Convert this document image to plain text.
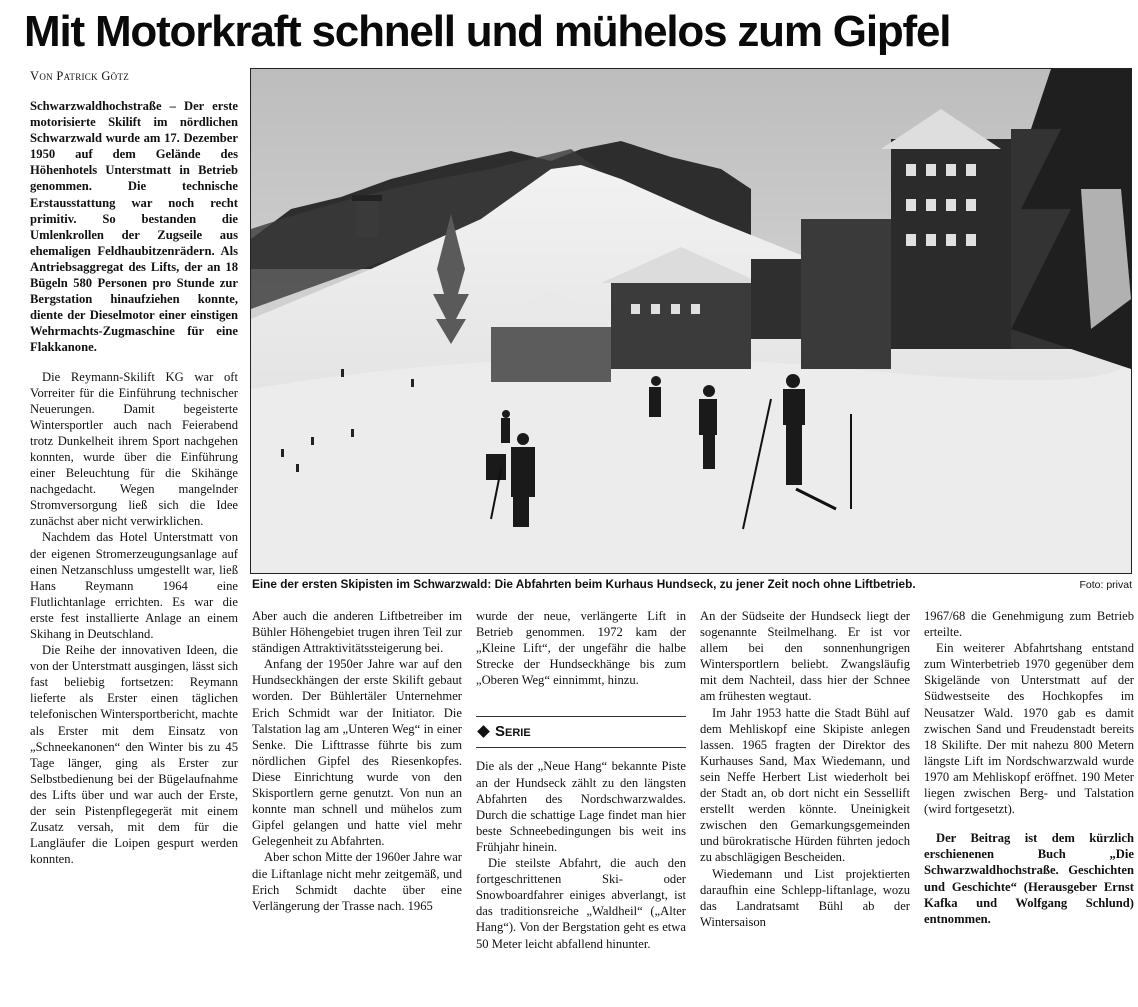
Mit Motorkraft schnell und mühelos zum Gipfel
Von Patrick Götz

Schwarzwaldhochstraße – Der erste motorisierte Skilift im nördlichen Schwarzwald wurde am 17. Dezember 1950 auf dem Gelände des Höhenhotels Unterstmatt in Betrieb genommen. Die technische Erstausstattung war noch recht primitiv. So bestanden die Umlenkrollen der Zugseile aus ehemaligen Feldhaubitzenrädern. Als Antriebsaggregat des Lifts, der an 18 Bügeln 580 Personen pro Stunde zur Bergstation hinaufziehen konnte, diente der Dieselmotor einer einstigen Wehrmachts-Zugmaschine für eine Flakkanone.

Die Reymann-Skilift KG war oft Vorreiter für die Einführung technischer Neuerungen. Damit begeisterte Wintersportler auch nach Feierabend trotz Dunkelheit ihrem Sport nachgehen konnten, wurde über die Einführung einer Beleuchtung für die Skihänge nachgedacht. Wegen mangelnder Stromversorgung ließ sich die Idee zunächst aber nicht verwirklichen.

Nachdem das Hotel Unterstmatt von der eigenen Stromerzeugungsanlage auf einen Netzanschluss umgestellt war, ließ Hans Reymann 1964 eine Flutlichtanlage errichten. Es war die erste fest installierte Anlage an einem Skihang in Deutschland.

Die Reihe der innovativen Ideen, die von der Unterstmatt ausgingen, lässt sich fast beliebig fortsetzen: Reymann lieferte als Erster einen täglichen telefonischen Wintersportbericht, machte als Erster mit dem Einsatz von „Schneekanonen“ den Winter bis zu 45 Tage länger, ging als Erster zur Selbstbedienung bei der Bügelaufnahme des Lifts über und war auch der Erste, der sein Pistenpflegegerät mit einem Zusatz versah, mit dem für die Langläufer die Loipen gespurt werden konnten.

Eine der ersten Skipisten im Schwarzwald: Die Abfahrten beim Kurhaus Hundseck, zu jener Zeit noch ohne Liftbetrieb.	Foto: privat

Aber auch die anderen Liftbetreiber im Bühler Höhengebiet trugen ihren Teil zur ständigen Attraktivitätssteigerung bei.

Anfang der 1950er Jahre war auf den Hundseckhängen der erste Skilift gebaut worden. Der Bühlertäler Unternehmer Erich Schmidt war der Initiator. Die Talstation lag am „Unteren Weg“ in einer Senke. Die Lifttrasse führte bis zum nördlichen Gipfel des Riesenkopfes. Diese Einrichtung wurde von den Skisportlern gerne genutzt. Von nun an konnte man schnell und mühelos zum Gipfel gelangen und hatte viel mehr Gelegenheit zu Abfahrten.

Aber schon Mitte der 1960er Jahre war die Liftanlage nicht mehr zeitgemäß, und Erich Schmidt dachte über eine Verlängerung der Trasse nach. 1965

wurde der neue, verlängerte Lift in Betrieb genommen. 1972 kam der „Kleine Lift“, der ungefähr die halbe Strecke der Hundseckhänge bis zum „Oberen Weg“ einnimmt, hinzu.

Die als der „Neue Hang“ bekannte Piste an der Hundseck zählt zu den längsten Abfahrten des Nordschwarzwaldes. Durch die schattige Lage findet man hier beste Schneebedingungen bis weit ins Frühjahr hinein.

Die steilste Abfahrt, die auch den fortgeschrittenen Ski- oder Snowboardfahrer einiges abverlangt, ist das traditionsreiche „Waldheil“ („Alter Hang“). Von der Bergstation geht es etwa 50 Meter leicht abfallend hinunter.

Serie

An der Südseite der Hundseck liegt der sogenannte Steilmelhang. Er ist vor allem bei den sonnenhungrigen Wintersportlern beliebt. Zwangsläufig mit dem Nachteil, dass hier der Schnee am frühesten wegtaut.

Im Jahr 1953 hatte die Stadt Bühl auf dem Mehliskopf eine Skipiste anlegen lassen. 1965 fragten der Direktor des Kurhauses Sand, Max Wiedemann, und sein Neffe Herbert List wiederholt bei der Stadt an, ob dort nicht ein Sessellift erstellt werden könnte. Uneinigkeit zwischen den Gemarkungsgemeinden und bürokratische Hürden führten jedoch zu abschlägigen Bescheiden.

Wiedemann und List projektierten daraufhin eine Schlepp-liftanlage, wozu das Landratsamt Bühl ab der Wintersaison

1967/68 die Genehmigung zum Betrieb erteilte.

Ein weiterer Abfahrtshang entstand zum Winterbetrieb 1970 gegenüber dem Skigelände von Unterstmatt auf der Südwestseite des Hochkopfes im Neusatzer Wald. 1970 gab es damit zwischen Sand und Freudenstadt bereits 18 Skilifte. Der mit nahezu 800 Metern längste Lift im Nordschwarzwald wurde 1970 am Mehliskopf eröffnet. 190 Meter liegen zwischen Berg- und Talstation (wird fortgesetzt).

Der Beitrag ist dem kürzlich erschienenen Buch „Die Schwarzwaldhochstraße. Geschichten und Geschichte“ (Herausgeber Ernst Kafka und Wolfgang Schlund) entnommen.
